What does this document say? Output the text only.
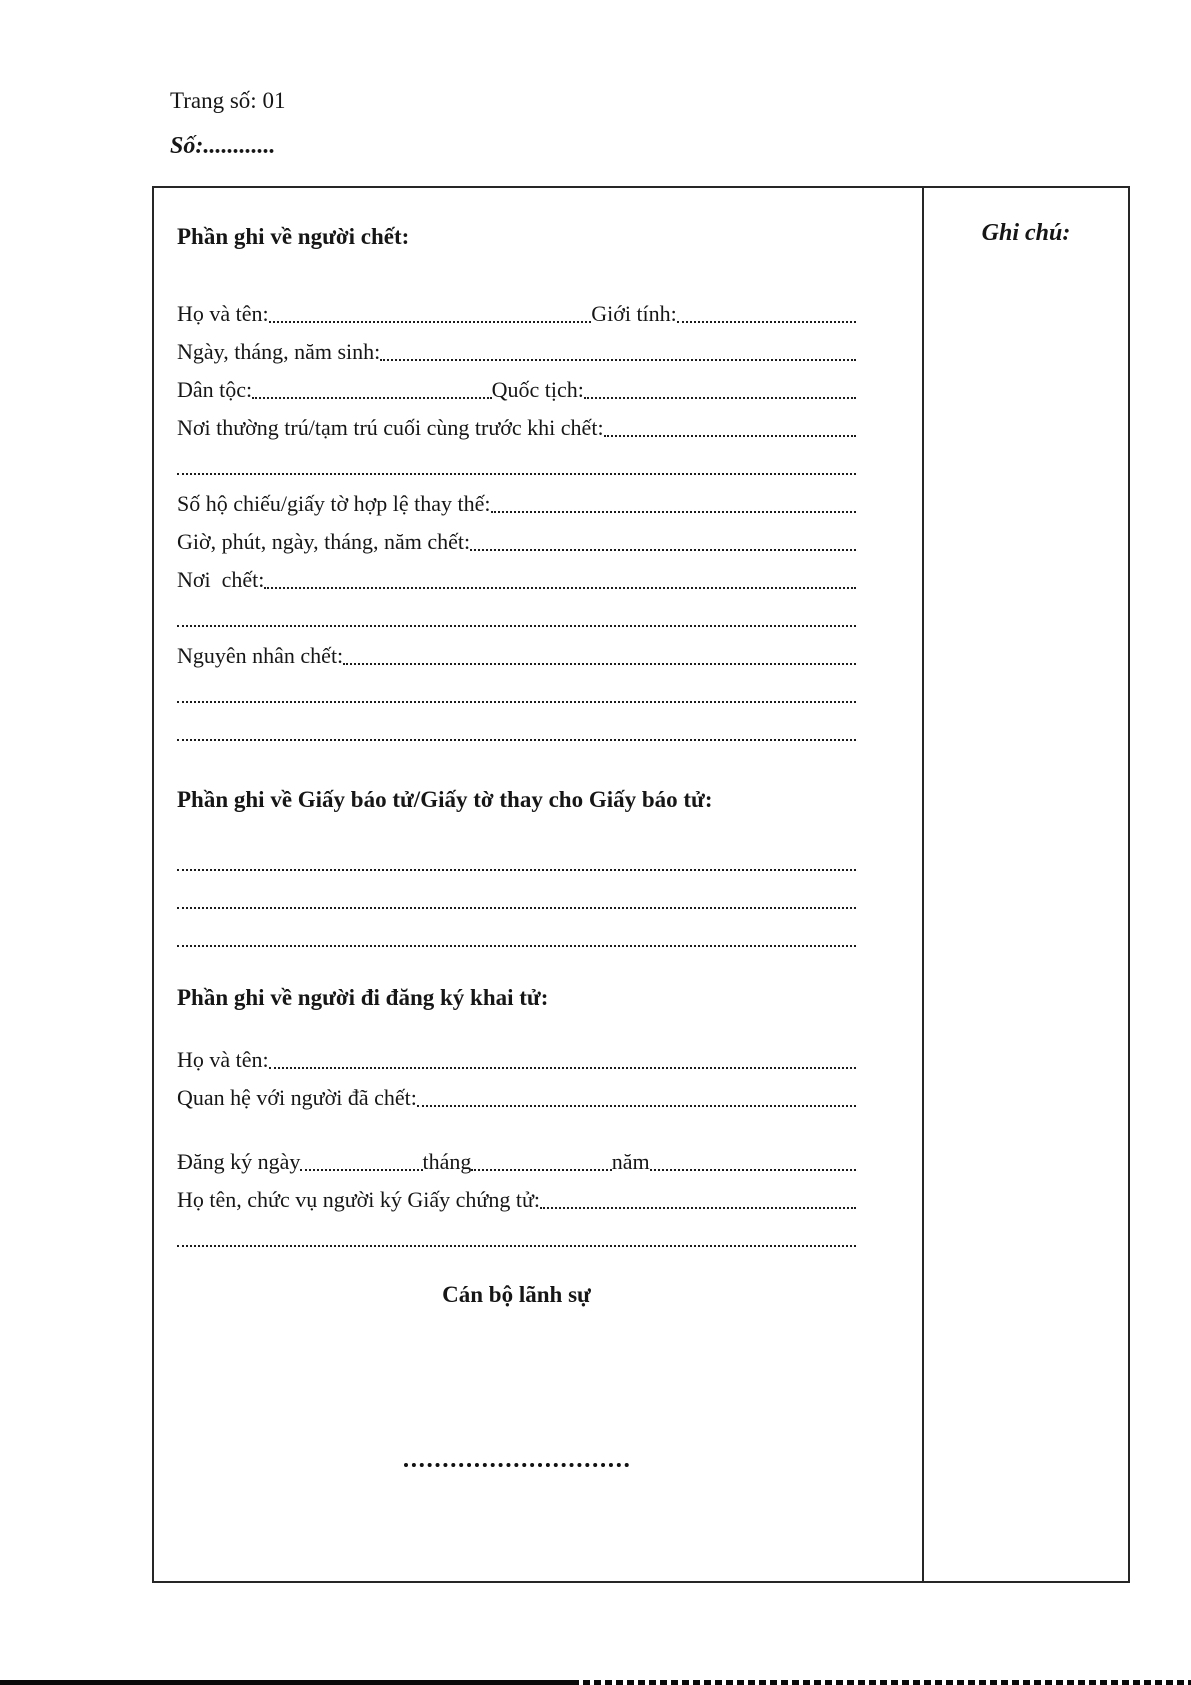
Trang số: 01
Số:............
Phần ghi về người chết:
Họ và tên:	Giới tính:
Ngày, tháng, năm sinh:
Dân tộc:	Quốc tịch:
Nơi thường trú/tạm trú cuối cùng trước khi chết:
Số hộ chiếu/giấy tờ hợp lệ thay thế:
Giờ, phút, ngày, tháng, năm chết:
Nơi  chết:
Nguyên nhân chết:
Phần ghi về Giấy báo tử/Giấy tờ thay cho Giấy báo tử:
Phần ghi về người đi đăng ký khai tử:
Họ và tên:
Quan hệ với người đã chết:
Đăng ký ngày	tháng	năm
Họ tên, chức vụ người ký Giấy chứng tử:
Cán bộ lãnh sự
Ghi chú:
